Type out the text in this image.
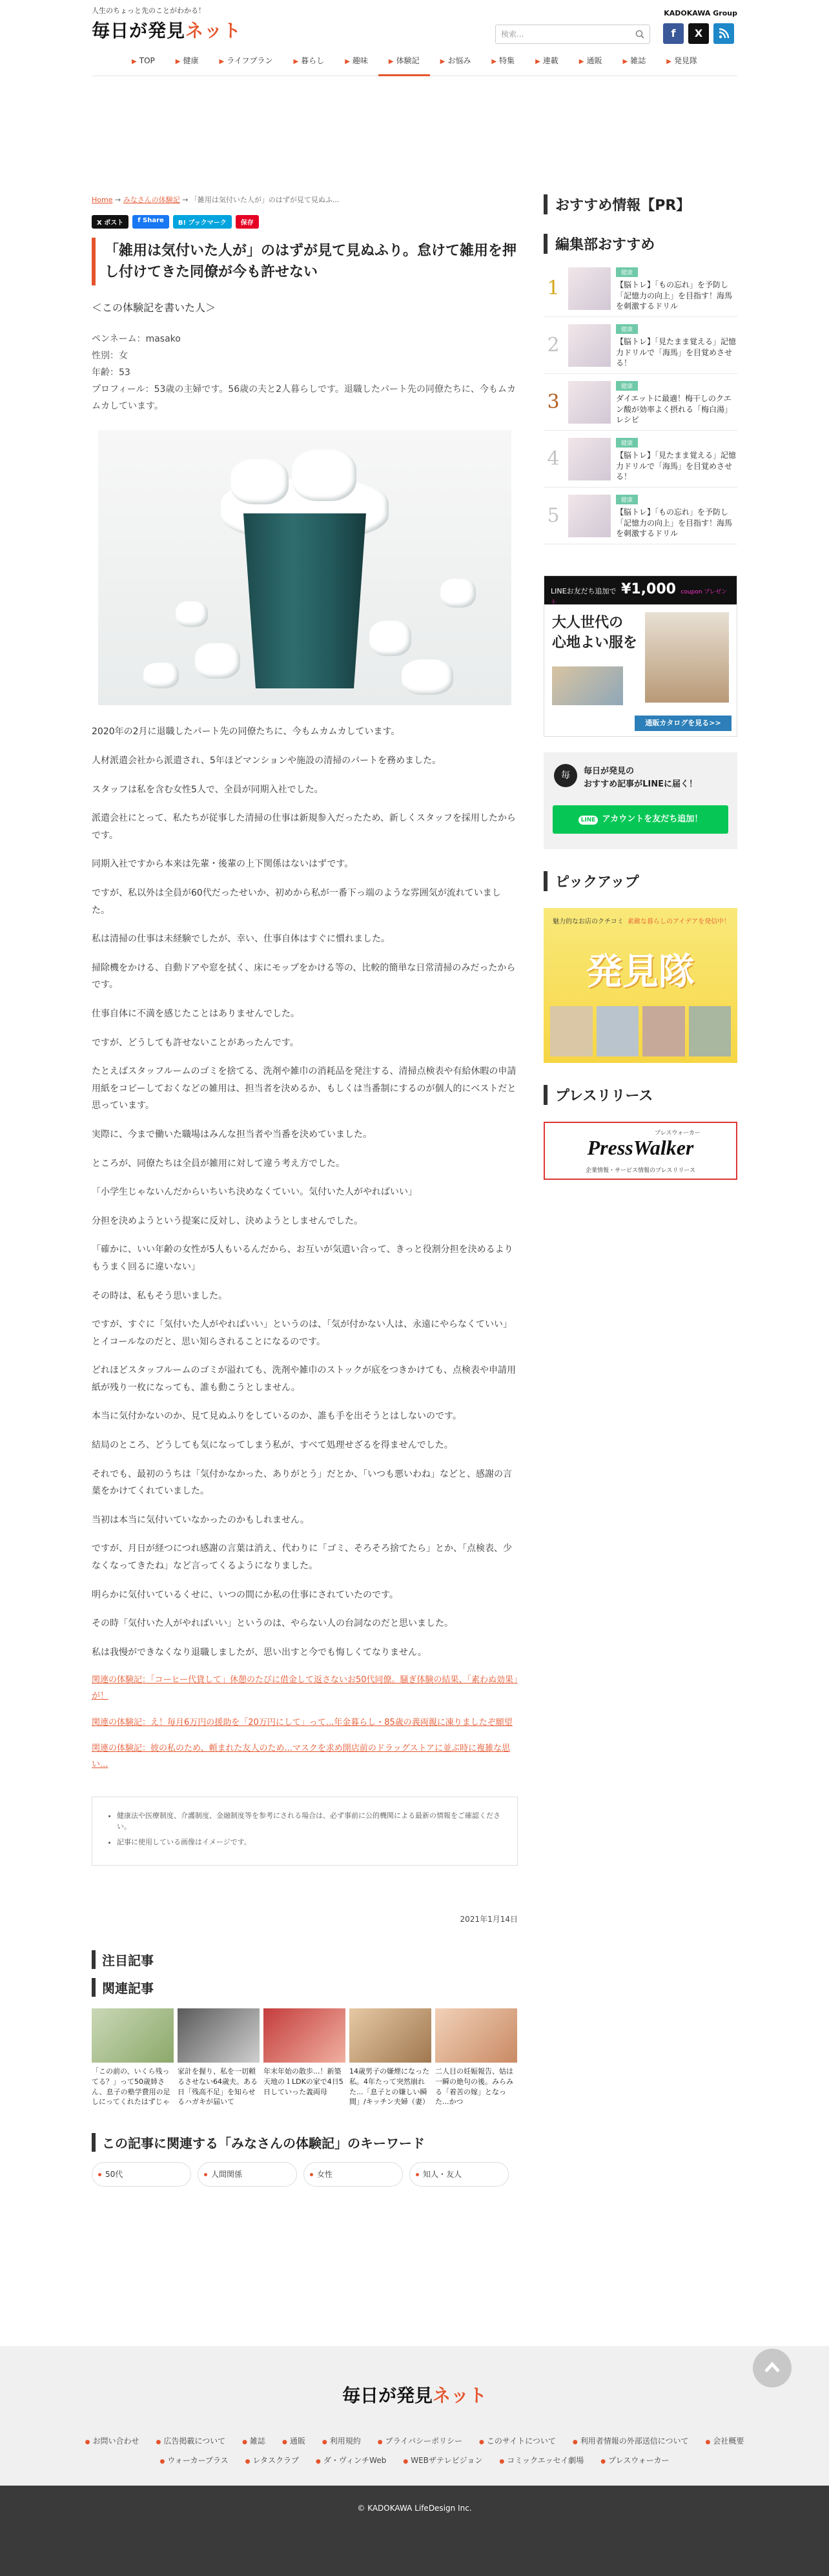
人生のちょっと先のことがわかる！
毎日が発見ネット
KADOKAWA Group
検索...	f	X
▶ TOP	▶ 健康	▶ ライフプラン	▶ 暮らし	▶ 趣味	▶ 体験記	▶ お悩み	▶ 特集	▶ 連載	▶ 通販	▶ 雑誌	▶ 発見隊
Home → みなさんの体験記 → 「雑用は気付いた人が」のはずが見て見ぬふ...
X ポスト	f Share	B! ブックマーク	保存
「雑用は気付いた人が」のはずが見て見ぬふり。怠けて雑用を押し付けてきた同僚が今も許せない
＜この体験記を書いた人＞

ペンネーム：masako

性別：女

年齢：53

プロフィール：53歳の主婦です。56歳の夫と2人暮らしです。退職したパート先の同僚たちに、今もムカムカしています。

2020年の2月に退職したパート先の同僚たちに、今もムカムカしています。

人材派遣会社から派遣され、5年ほどマンションや施設の清掃のパートを務めました。

スタッフは私を含む女性5人で、全員が同期入社でした。

派遣会社にとって、私たちが従事した清掃の仕事は新規参入だったため、新しくスタッフを採用したからです。

同期入社ですから本来は先輩・後輩の上下関係はないはずです。

ですが、私以外は全員が60代だったせいか、初めから私が一番下っ端のような雰囲気が流れていました。

私は清掃の仕事は未経験でしたが、幸い、仕事自体はすぐに慣れました。

掃除機をかける、自動ドアや窓を拭く、床にモップをかける等の、比較的簡単な日常清掃のみだったからです。

仕事自体に不満を感じたことはありませんでした。

ですが、どうしても許せないことがあったんです。

たとえばスタッフルームのゴミを捨てる、洗剤や雑巾の消耗品を発注する、清掃点検表や有給休暇の申請用紙をコピーしておくなどの雑用は、担当者を決めるか、もしくは当番制にするのが個人的にベストだと思っています。

実際に、今まで働いた職場はみんな担当者や当番を決めていました。

ところが、同僚たちは全員が雑用に対して違う考え方でした。

「小学生じゃないんだからいちいち決めなくていい。気付いた人がやればいい」

分担を決めようという提案に反対し、決めようとしませんでした。

「確かに、いい年齢の女性が5人もいるんだから、お互いが気遣い合って、きっと役割分担を決めるよりもうまく回るに違いない」

その時は、私もそう思いました。

ですが、すぐに「気付いた人がやればいい」というのは、「気が付かない人は、永遠にやらなくていい」とイコールなのだと、思い知らされることになるのです。

どれほどスタッフルームのゴミが溢れても、洗剤や雑巾のストックが底をつきかけても、点検表や申請用紙が残り一枚になっても、誰も動こうとしません。

本当に気付かないのか、見て見ぬふりをしているのか、誰も手を出そうとはしないのです。

結局のところ、どうしても気になってしまう私が、すべて処理せざるを得ませんでした。

それでも、最初のうちは「気付かなかった、ありがとう」だとか、「いつも悪いわね」などと、感謝の言葉をかけてくれていました。

当初は本当に気付いていなかったのかもしれません。

ですが、月日が経つにつれ感謝の言葉は消え、代わりに「ゴミ、そろそろ捨てたら」とか、「点検表、少なくなってきたね」など言ってくるようになりました。

明らかに気付いているくせに、いつの間にか私の仕事にされていたのです。

その時「気付いた人がやればいい」というのは、やらない人の台詞なのだと思いました。

私は我慢ができなくなり退職しましたが、思い出すと今でも悔しくてなりません。

関連の体験記：「コーヒー代貸して」休憩のたびに借金して返さないお50代同僚。騒ぎ体験の結果、「素わぬ効果」が！
関連の体験記：え！毎月6万円の援助を「20万円にして」って...年金暮らし・85歳の義両親に凍りましたぞ願望
関連の体験記：彼の私のため、頼まれた友人のため...マスクを求め開店前のドラッグストアに並ぶ時に複雑な思い...
• 健康法や医療制度、介護制度、金融制度等を参考にされる場合は、必ず事前に公的機関による最新の情報をご確認ください。
• 記事に使用している画像はイメージです。
2021年1月14日
注目記事
関連記事

「この前の、いくら残ってる？」って50歳姉さん、息子の塾学費用の足しにってくれたはずじゃ

家計を握り、私を一切頼るさせない64歳夫。ある日「残高不足」を知らせるハガキが届いて

年末年始の散歩...！新築天地の１LDKの家で4日5日していった義両母

14歳男子の嫌煙になった私。4年たって突然崩れた...「息子との嫌しい瞬間」/キッチン夫婦（妻）

二人目の妊娠報告、姑は一瞬の絶句の後。みらみる「着苦の嫁」となった...かつ

この記事に関連する「みなさんの体験記」のキーワード
50代	人間関係	女性	知人・友人
おすすめ情報【PR】
編集部おすすめ
1
健康
【脳トレ】「もの忘れ」を予防し「記憶力の向上」を目指す！海馬を刺激するドリル
2
健康
【脳トレ】「見たまま覚える」記憶力ドリルで「海馬」を目覚めさせる！
3
健康
ダイエットに最適！梅干しのクエン酸が効率よく摂れる「梅白湯」レシピ
4
健康
【脳トレ】「見たまま覚える」記憶力ドリルで「海馬」を目覚めさせる！
5
健康
【脳トレ】「もの忘れ」を予防し「記憶力の向上」を目指す！海馬を刺激するドリル
LINEお友だち追加で ¥1,000 coupon プレゼント
大人世代の
心地よい服を
通販カタログを見る>>
毎	毎日が発見の
おすすめ記事がLINEに届く！
LINE アカウントを友だち追加！
ピックアップ
魅力的なお店のクチコミ 素敵な暮らしのアイデアを発信中！
発見隊
プレスリリース
プレスウォーカー
PressWalker
企業情報・サービス情報のプレスリリース
毎日が発見ネット
● お問い合わせ	● 広告掲載について	● 雑誌	● 通販	● 利用規約	● プライバシーポリシー	● このサイトについて	● 利用者情報の外部送信について	● 会社概要
● ウォーカープラス	● レタスクラブ	● ダ・ヴィンチWeb	● WEBザテレビジョン	● コミックエッセイ劇場	● プレスウォーカー
© KADOKAWA LifeDesign Inc.
